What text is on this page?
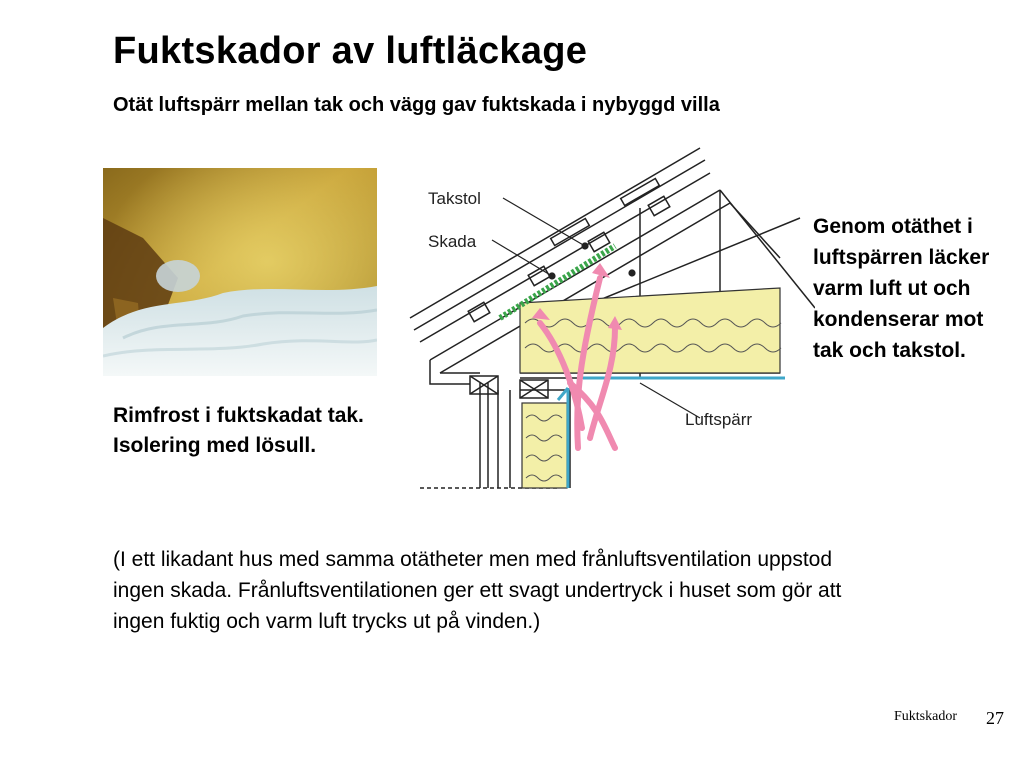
Fuktskador av luftläckage
Otät luftspärr mellan tak och vägg gav fuktskada i nybyggd villa
Rimfrost i fuktskadat tak. Isolering med lösull.
Takstol
Skada
Luftspärr
Genom otäthet i luftspärren läcker varm luft ut och kondenserar mot tak och takstol.
(I ett likadant hus med samma otätheter men med frånluftsventilation uppstod ingen skada. Frånluftsventilationen ger ett svagt undertryck i huset som gör att ingen fuktig och varm luft trycks ut på vinden.)
Fuktskador 27
